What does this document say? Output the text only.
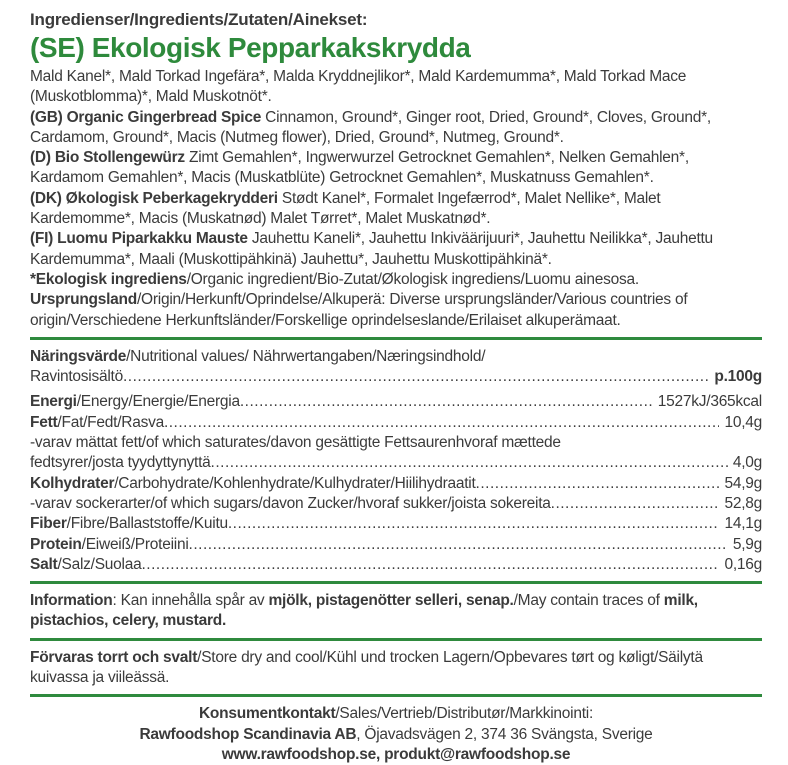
Ingredienser/Ingredients/Zutaten/Ainekset:
(SE) Ekologisk Pepparkakskrydda

Mald Kanel*, Mald Torkad Ingefära*, Malda Kryddnejlikor*, Mald Kardemumma*, Mald Torkad Mace (Muskotblomma)*, Mald Muskotnöt*.

(GB) Organic Gingerbread Spice Cinnamon, Ground*, Ginger root, Dried, Ground*, Cloves, Ground*, Cardamom, Ground*, Macis (Nutmeg flower), Dried, Ground*, Nutmeg, Ground*.

(D) Bio Stollengewürz Zimt Gemahlen*, Ingwerwurzel Getrocknet Gemahlen*, Nelken Gemahlen*, Kardamom Gemahlen*, Macis (Muskatblüte) Getrocknet Gemahlen*, Muskatnuss Gemahlen*.

(DK) Økologisk Peberkagekrydderi Stødt Kanel*, Formalet Ingefærrod*, Malet Nellike*, Malet Kardemomme*, Macis (Muskatnød) Malet Tørret*, Malet Muskatnød*.

(FI) Luomu Piparkakku Mauste Jauhettu Kaneli*, Jauhettu Inkiväärijuuri*, Jauhettu Neilikka*, Jauhettu Kardemumma*, Maali (Muskottipähkinä) Jauhettu*, Jauhettu Muskottipähkinä*.

*Ekologisk ingrediens/Organic ingredient/Bio-Zutat/Økologisk ingrediens/Luomu ainesosa.

Ursprungsland/Origin/Herkunft/Oprindelse/Alkuperä: Diverse ursprungsländer/Various countries of origin/Verschiedene Herkunftsländer/Forskellige oprindelseslande/Erilaiset alkuperämaat.

Näringsvärde/Nutritional values/ Nährwertangaben/Næringsindhold/
Ravintosisältö .....	p.100g
Energi/Energy/Energie/Energia .....	1527kJ/365kcal
Fett/Fat/Fedt/Rasva .....	10,4g
-varav mättat fett/of which saturates/davon gesättigte Fettsaurenhvoraf mættede
fedtsyrer/josta tyydyttynyttä .....	4,0g
Kolhydrater/Carbohydrate/Kohlenhydrate/Kulhydrater/Hiilihydraatit .....	54,9g
-varav sockerarter/of which sugars/davon Zucker/hvoraf sukker/joista sokereita .....	52,8g
Fiber/Fibre/Ballaststoffe/Kuitu .....	14,1g
Protein/Eiweiß/Proteiini .....	5,9g
Salt/Salz/Suolaa .....	0,16g

Information: Kan innehålla spår av mjölk, pistagenötter selleri, senap./May contain traces of milk, pistachios, celery, mustard.

Förvaras torrt och svalt/Store dry and cool/Kühl und trocken Lagern/Opbevares tørt og køligt/Säilytä kuivassa ja viileässä.

Konsumentkontakt/Sales/Vertrieb/Distributør/Markkinointi:
Rawfoodshop Scandinavia AB, Öjavadsvägen 2, 374 36 Svängsta, Sverige
www.rawfoodshop.se, produkt@rawfoodshop.se
